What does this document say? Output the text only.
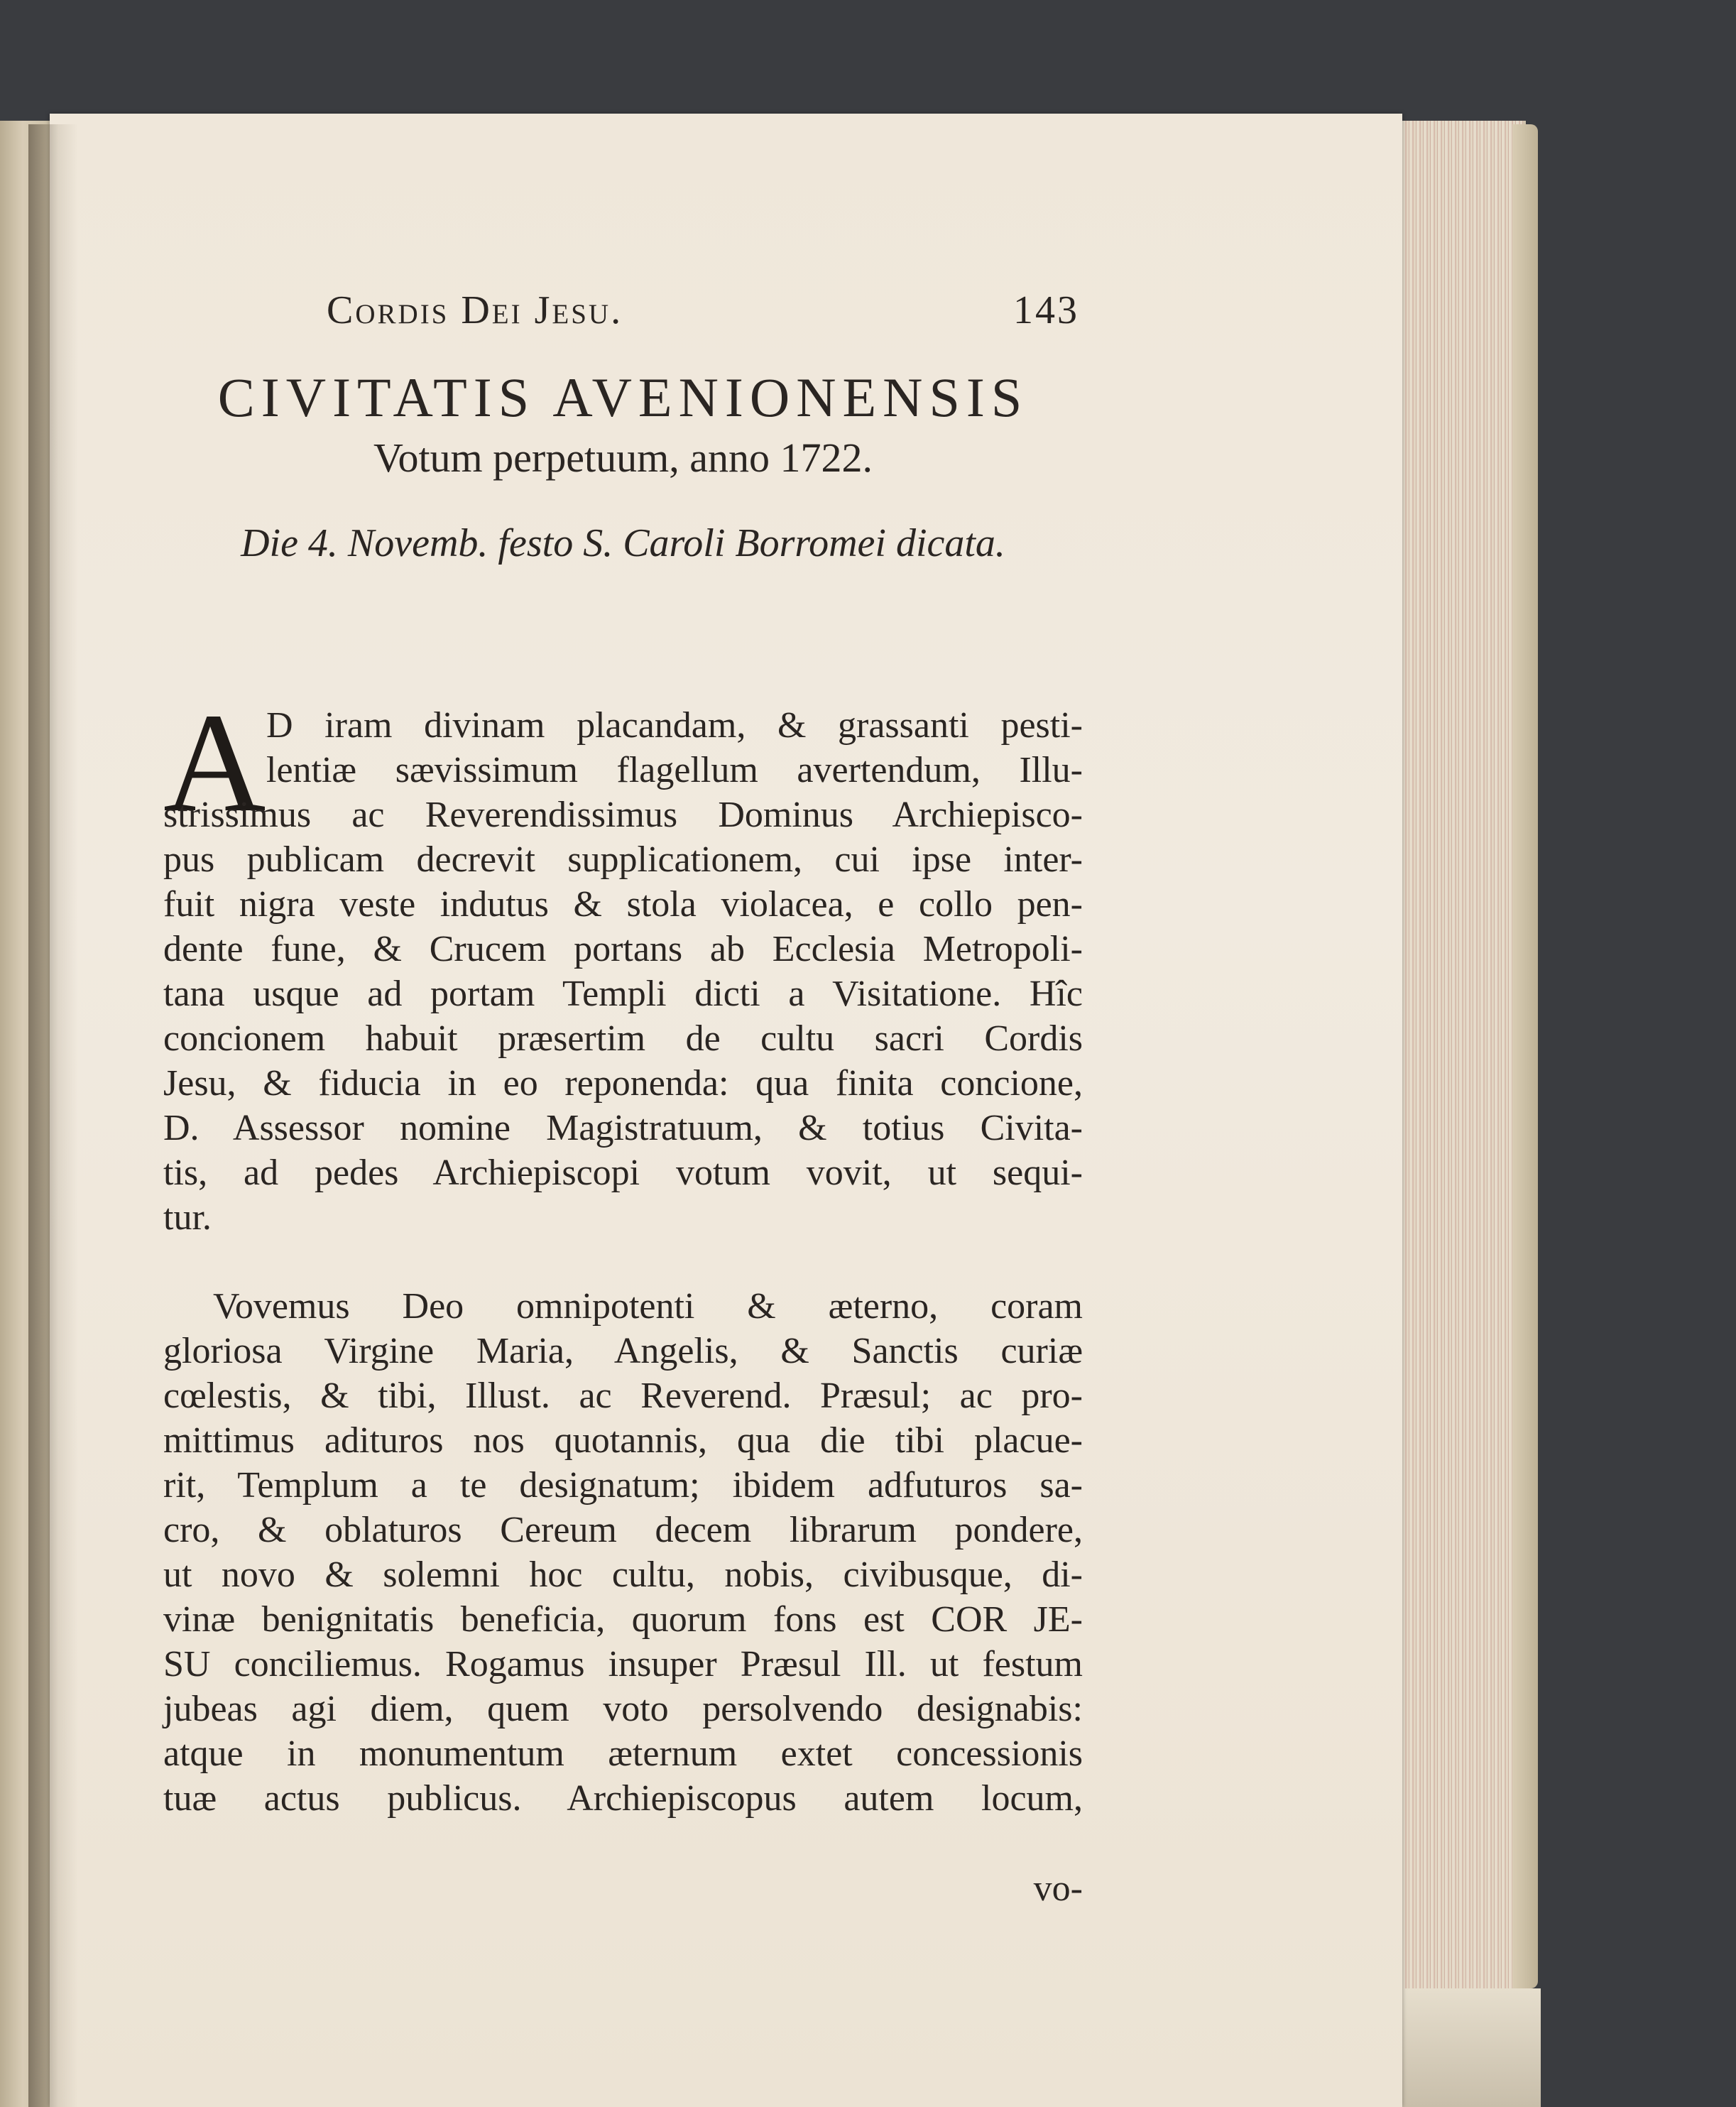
Cordis Dei Jesu.	143
CIVITATIS AVENIONENSIS
Votum perpetuum, anno 1722.
Die 4. Novemb. festo S. Caroli Borromei dicata.
A D iram divinam placandam, & grassanti pesti-
lentiæ sævissimum flagellum avertendum, Illu-
strissimus ac Reverendissimus Dominus Archiepisco-
pus publicam decrevit supplicationem, cui ipse inter-
fuit nigra veste indutus & stola violacea, e collo pen-
dente fune, & Crucem portans ab Ecclesia Metropoli-
tana usque ad portam Templi dicti a Visitatione. Hîc
concionem habuit præsertim de cultu sacri Cordis
Jesu, & fiducia in eo reponenda: qua finita concione,
D. Assessor nomine Magistratuum, & totius Civita-
tis, ad pedes Archiepiscopi votum vovit, ut sequi-
tur.
Vovemus Deo omnipotenti & æterno, coram
gloriosa Virgine Maria, Angelis, & Sanctis curiæ
cœlestis, & tibi, Illust. ac Reverend. Præsul; ac pro-
mittimus adituros nos quotannis, qua die tibi placue-
rit, Templum a te designatum; ibidem adfuturos sa-
cro, & oblaturos Cereum decem librarum pondere,
ut novo & solemni hoc cultu, nobis, civibusque, di-
vinæ benignitatis beneficia, quorum fons est COR JE-
SU conciliemus. Rogamus insuper Præsul Ill. ut festum
jubeas agi diem, quem voto persolvendo designabis:
atque in monumentum æternum extet concessionis
tuæ actus publicus. Archiepiscopus autem locum,
vo-
